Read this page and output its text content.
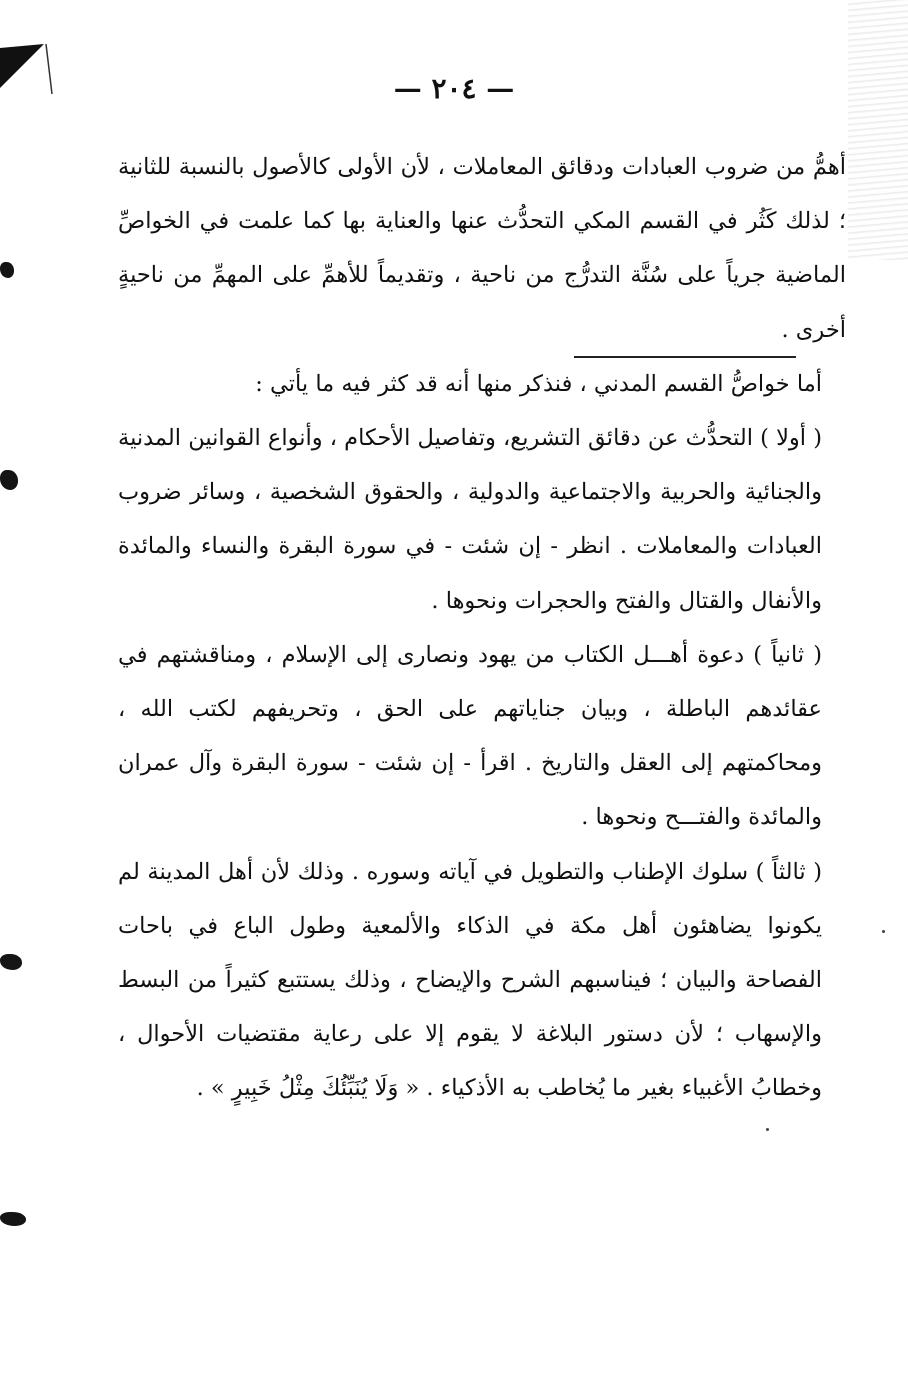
— ٢٠٤ —

أهمُّ من ضروب العبادات ودقائق المعاملات ، لأن الأولى كالأصول بالنسبة للثانية ؛ لذلك كَثُر في القسم المكي التحدُّث عنها والعناية بها كما علمت في الخواصِّ الماضية جرياً على سُنَّة التدرُّج من ناحية ، وتقديماً للأهمِّ على المهمِّ من ناحيةٍ أخرى .

أما خواصُّ القسم المدني ، فنذكر منها أنه قد كثر فيه ما يأتي :

( أولا ) التحدُّث عن دقائق التشريع، وتفاصيل الأحكام ، وأنواع القوانين المدنية والجنائية والحربية والاجتماعية والدولية ، والحقوق الشخصية ، وسائر ضروب العبادات والمعاملات . انظر - إن شئت - في سورة البقرة والنساء والمائدة والأنفال والقتال والفتح والحجرات ونحوها .

( ثانياً ) دعوة أهـــل الكتاب من يهود ونصارى إلى الإسلام ، ومناقشتهم في عقائدهم الباطلة ، وبيان جناياتهم على الحق ، وتحريفهم لكتب الله ، ومحاكمتهم إلى العقل والتاريخ . اقرأ - إن شئت - سورة البقرة وآل عمران والمائدة والفتـــح ونحوها .

( ثالثاً ) سلوك الإطناب والتطويل في آياته وسوره . وذلك لأن أهل المدينة لم يكونوا يضاهئون أهل مكة في الذكاء والألمعية وطول الباع في باحات الفصاحة والبيان ؛ فيناسبهم الشرح والإيضاح ، وذلك يستتبع كثيراً من البسط والإسهاب ؛ لأن دستور البلاغة لا يقوم إلا على رعاية مقتضيات الأحوال ، وخطابُ الأغبياء بغير ما يُخاطب به الأذكياء . « وَلَا يُنَبِّئُكَ مِثْلُ خَبِيرٍ » .
